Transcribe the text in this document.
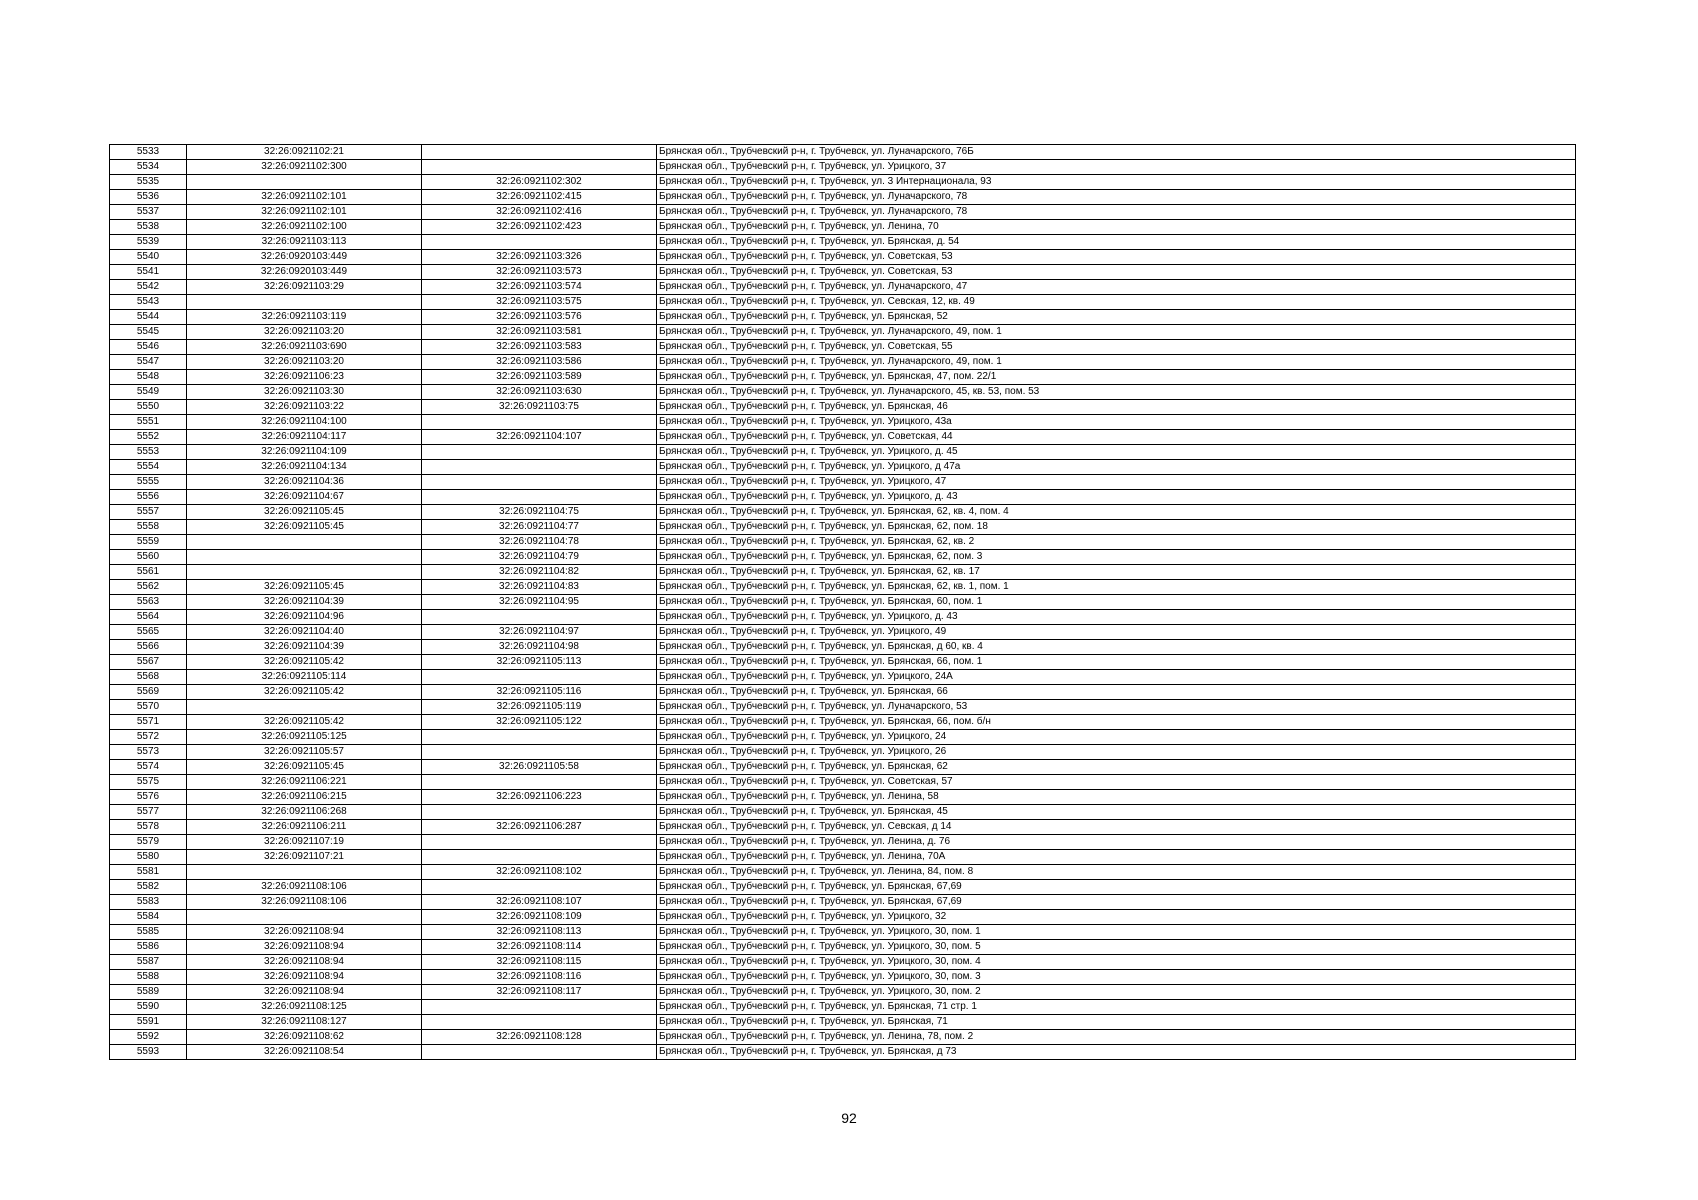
5533	32:26:0921102:21		Брянская обл., Трубчевский р-н, г. Трубчевск, ул. Луначарского, 76Б
5534	32:26:0921102:300		Брянская обл., Трубчевский р-н, г. Трубчевск, ул. Урицкого, 37
5535		32:26:0921102:302	Брянская обл., Трубчевский р-н, г. Трубчевск, ул. 3 Интернационала, 93
5536	32:26:0921102:101	32:26:0921102:415	Брянская обл., Трубчевский р-н, г. Трубчевск, ул. Луначарского, 78
5537	32:26:0921102:101	32:26:0921102:416	Брянская обл., Трубчевский р-н, г. Трубчевск, ул. Луначарского, 78
5538	32:26:0921102:100	32:26:0921102:423	Брянская обл., Трубчевский р-н, г. Трубчевск, ул. Ленина, 70
5539	32:26:0921103:113		Брянская обл., Трубчевский р-н, г. Трубчевск, ул. Брянская, д. 54
5540	32:26:0920103:449	32:26:0921103:326	Брянская обл., Трубчевский р-н, г. Трубчевск, ул. Советская, 53
5541	32:26:0920103:449	32:26:0921103:573	Брянская обл., Трубчевский р-н, г. Трубчевск, ул. Советская, 53
5542	32:26:0921103:29	32:26:0921103:574	Брянская обл., Трубчевский р-н, г. Трубчевск, ул. Луначарского, 47
5543		32:26:0921103:575	Брянская обл., Трубчевский р-н, г. Трубчевск, ул. Севская, 12, кв. 49
5544	32:26:0921103:119	32:26:0921103:576	Брянская обл., Трубчевский р-н, г. Трубчевск, ул. Брянская, 52
5545	32:26:0921103:20	32:26:0921103:581	Брянская обл., Трубчевский р-н, г. Трубчевск, ул. Луначарского, 49, пом. 1
5546	32:26:0921103:690	32:26:0921103:583	Брянская обл., Трубчевский р-н, г. Трубчевск, ул. Советская, 55
5547	32:26:0921103:20	32:26:0921103:586	Брянская обл., Трубчевский р-н, г. Трубчевск, ул. Луначарского, 49, пом. 1
5548	32:26:0921106:23	32:26:0921103:589	Брянская обл., Трубчевский р-н, г. Трубчевск, ул. Брянская, 47, пом. 22/1
5549	32:26:0921103:30	32:26:0921103:630	Брянская обл., Трубчевский р-н, г. Трубчевск, ул. Луначарского, 45, кв. 53, пом. 53
5550	32:26:0921103:22	32:26:0921103:75	Брянская обл., Трубчевский р-н, г. Трубчевск, ул. Брянская, 46
5551	32:26:0921104:100		Брянская обл., Трубчевский р-н, г. Трубчевск, ул. Урицкого, 43а
5552	32:26:0921104:117	32:26:0921104:107	Брянская обл., Трубчевский р-н, г. Трубчевск, ул. Советская, 44
5553	32:26:0921104:109		Брянская обл., Трубчевский р-н, г. Трубчевск, ул. Урицкого, д. 45
5554	32:26:0921104:134		Брянская обл., Трубчевский р-н, г. Трубчевск, ул. Урицкого, д 47а
5555	32:26:0921104:36		Брянская обл., Трубчевский р-н, г. Трубчевск, ул. Урицкого, 47
5556	32:26:0921104:67		Брянская обл., Трубчевский р-н, г. Трубчевск, ул. Урицкого, д. 43
5557	32:26:0921105:45	32:26:0921104:75	Брянская обл., Трубчевский р-н, г. Трубчевск, ул. Брянская, 62, кв. 4, пом. 4
5558	32:26:0921105:45	32:26:0921104:77	Брянская обл., Трубчевский р-н, г. Трубчевск, ул. Брянская, 62, пом. 18
5559		32:26:0921104:78	Брянская обл., Трубчевский р-н, г. Трубчевск, ул. Брянская, 62, кв. 2
5560		32:26:0921104:79	Брянская обл., Трубчевский р-н, г. Трубчевск, ул. Брянская, 62, пом. 3
5561		32:26:0921104:82	Брянская обл., Трубчевский р-н, г. Трубчевск, ул. Брянская, 62, кв. 17
5562	32:26:0921105:45	32:26:0921104:83	Брянская обл., Трубчевский р-н, г. Трубчевск, ул. Брянская, 62, кв. 1, пом. 1
5563	32:26:0921104:39	32:26:0921104:95	Брянская обл., Трубчевский р-н, г. Трубчевск, ул. Брянская, 60, пом. 1
5564	32:26:0921104:96		Брянская обл., Трубчевский р-н, г. Трубчевск, ул. Урицкого, д. 43
5565	32:26:0921104:40	32:26:0921104:97	Брянская обл., Трубчевский р-н, г. Трубчевск, ул. Урицкого, 49
5566	32:26:0921104:39	32:26:0921104:98	Брянская обл., Трубчевский р-н, г. Трубчевск, ул. Брянская, д 60, кв. 4
5567	32:26:0921105:42	32:26:0921105:113	Брянская обл., Трубчевский р-н, г. Трубчевск, ул. Брянская, 66, пом. 1
5568	32:26:0921105:114		Брянская обл., Трубчевский р-н, г. Трубчевск, ул. Урицкого, 24А
5569	32:26:0921105:42	32:26:0921105:116	Брянская обл., Трубчевский р-н, г. Трубчевск, ул. Брянская, 66
5570		32:26:0921105:119	Брянская обл., Трубчевский р-н, г. Трубчевск, ул. Луначарского, 53
5571	32:26:0921105:42	32:26:0921105:122	Брянская обл., Трубчевский р-н, г. Трубчевск, ул. Брянская, 66, пом. б/н
5572	32:26:0921105:125		Брянская обл., Трубчевский р-н, г. Трубчевск, ул. Урицкого, 24
5573	32:26:0921105:57		Брянская обл., Трубчевский р-н, г. Трубчевск, ул. Урицкого, 26
5574	32:26:0921105:45	32:26:0921105:58	Брянская обл., Трубчевский р-н, г. Трубчевск, ул. Брянская, 62
5575	32:26:0921106:221		Брянская обл., Трубчевский р-н, г. Трубчевск, ул. Советская, 57
5576	32:26:0921106:215	32:26:0921106:223	Брянская обл., Трубчевский р-н, г. Трубчевск, ул. Ленина, 58
5577	32:26:0921106:268		Брянская обл., Трубчевский р-н, г. Трубчевск, ул. Брянская, 45
5578	32:26:0921106:211	32:26:0921106:287	Брянская обл., Трубчевский р-н, г. Трубчевск, ул. Севская, д 14
5579	32:26:0921107:19		Брянская обл., Трубчевский р-н, г. Трубчевск, ул. Ленина, д. 76
5580	32:26:0921107:21		Брянская обл., Трубчевский р-н, г. Трубчевск, ул. Ленина, 70А
5581		32:26:0921108:102	Брянская обл., Трубчевский р-н, г. Трубчевск, ул. Ленина, 84, пом. 8
5582	32:26:0921108:106		Брянская обл., Трубчевский р-н, г. Трубчевск, ул. Брянская, 67,69
5583	32:26:0921108:106	32:26:0921108:107	Брянская обл., Трубчевский р-н, г. Трубчевск, ул. Брянская, 67,69
5584		32:26:0921108:109	Брянская обл., Трубчевский р-н, г. Трубчевск, ул. Урицкого, 32
5585	32:26:0921108:94	32:26:0921108:113	Брянская обл., Трубчевский р-н, г. Трубчевск, ул. Урицкого, 30, пом. 1
5586	32:26:0921108:94	32:26:0921108:114	Брянская обл., Трубчевский р-н, г. Трубчевск, ул. Урицкого, 30, пом. 5
5587	32:26:0921108:94	32:26:0921108:115	Брянская обл., Трубчевский р-н, г. Трубчевск, ул. Урицкого, 30, пом. 4
5588	32:26:0921108:94	32:26:0921108:116	Брянская обл., Трубчевский р-н, г. Трубчевск, ул. Урицкого, 30, пом. 3
5589	32:26:0921108:94	32:26:0921108:117	Брянская обл., Трубчевский р-н, г. Трубчевск, ул. Урицкого, 30, пом. 2
5590	32:26:0921108:125		Брянская обл., Трубчевский р-н, г. Трубчевск, ул. Брянская, 71 стр. 1
5591	32:26:0921108:127		Брянская обл., Трубчевский р-н, г. Трубчевск, ул. Брянская, 71
5592	32:26:0921108:62	32:26:0921108:128	Брянская обл., Трубчевский р-н, г. Трубчевск, ул. Ленина, 78, пом. 2
5593	32:26:0921108:54		Брянская обл., Трубчевский р-н, г. Трубчевск, ул. Брянская, д 73
92
